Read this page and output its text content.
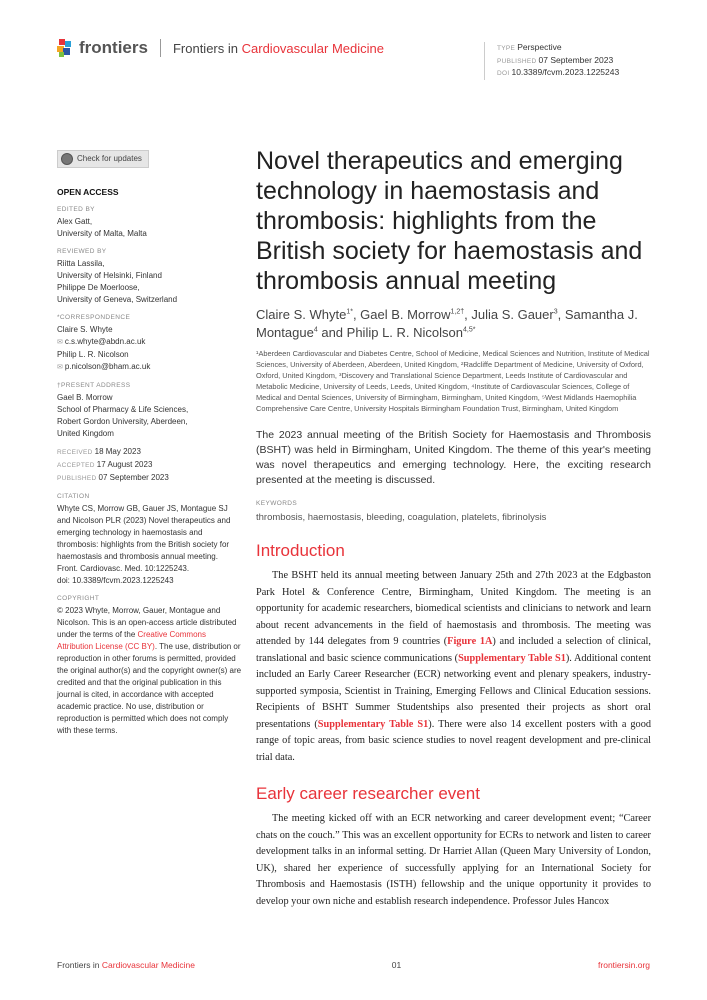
frontiers Frontiers in Cardiovascular Medicine	TYPE Perspective
PUBLISHED 07 September 2023
DOI 10.3389/fcvm.2023.1225243
Check for updates
OPEN ACCESS
EDITED BY
Alex Gatt,
University of Malta, Malta
REVIEWED BY
Riitta Lassila,
University of Helsinki, Finland
Philippe De Moerloose,
University of Geneva, Switzerland
*CORRESPONDENCE
Claire S. Whyte
✉ c.s.whyte@abdn.ac.uk
Philip L. R. Nicolson
✉ p.nicolson@bham.ac.uk
†PRESENT ADDRESS
Gael B. Morrow
School of Pharmacy & Life Sciences,
Robert Gordon University, Aberdeen,
United Kingdom
RECEIVED 18 May 2023
ACCEPTED 17 August 2023
PUBLISHED 07 September 2023
CITATION
Whyte CS, Morrow GB, Gauer JS, Montague SJ and Nicolson PLR (2023) Novel therapeutics and emerging technology in haemostasis and thrombosis: highlights from the British society for haemostasis and thrombosis annual meeting.
Front. Cardiovasc. Med. 10:1225243.
doi: 10.3389/fcvm.2023.1225243
COPYRIGHT
© 2023 Whyte, Morrow, Gauer, Montague and Nicolson. This is an open-access article distributed under the terms of the Creative Commons Attribution License (CC BY). The use, distribution or reproduction in other forums is permitted, provided the original author(s) and the copyright owner(s) are credited and that the original publication in this journal is cited, in accordance with accepted academic practice. No use, distribution or reproduction is permitted which does not comply with these terms.
Novel therapeutics and emerging technology in haemostasis and thrombosis: highlights from the British society for haemostasis and thrombosis annual meeting
Claire S. Whyte$^{1*}$, Gael B. Morrow$^{1,2\dagger}$, Julia S. Gauer$^3$, Samantha J. Montague$^4$ and Philip L. R. Nicolson$^{4,5*}$
¹Aberdeen Cardiovascular and Diabetes Centre, School of Medicine, Medical Sciences and Nutrition, Institute of Medical Sciences, University of Aberdeen, Aberdeen, United Kingdom, ²Radcliffe Department of Medicine, University of Oxford, Oxford, United Kingdom, ³Discovery and Translational Science Department, Leeds Institute of Cardiovascular and Metabolic Medicine, University of Leeds, Leeds, United Kingdom, ⁴Institute of Cardiovascular Sciences, College of Medical and Dental Sciences, University of Birmingham, Birmingham, United Kingdom, ⁵West Midlands Haemophilia Comprehensive Care Centre, University Hospitals Birmingham Foundation Trust, Birmingham, United Kingdom
The 2023 annual meeting of the British Society for Haemostasis and Thrombosis (BSHT) was held in Birmingham, United Kingdom. The theme of this year's meeting was novel therapeutics and emerging technology. Here, the exciting research presented at the meeting is discussed.
KEYWORDS
thrombosis, haemostasis, bleeding, coagulation, platelets, fibrinolysis
Introduction

The BSHT held its annual meeting between January 25th and 27th 2023 at the Edgbaston Park Hotel & Conference Centre, Birmingham, United Kingdom. The meeting is an opportunity for academic researchers, biomedical scientists and clinicians to network and learn about recent advancements in the field of haemostasis and thrombosis. The meeting was attended by 144 delegates from 9 countries (Figure 1A) and included a selection of clinical, translational and basic science communications (Supplementary Table S1). Additional content included an Early Career Researcher (ECR) networking event and plenary speakers, industry-supported symposia, Scientist in Training, Emerging Fellows and Clinical Education sessions. Recipients of BSHT Summer Studentships also presented their projects as short oral presentations (Supplementary Table S1). There were also 14 excellent posters with a good range of topic areas, from basic science studies to novel reagent development and pre-clinical trial data.

Early career researcher event

The meeting kicked off with an ECR networking and career development event; “Career chats on the couch.” This was an excellent opportunity for ECRs to network and listen to career development talks in an informal setting. Dr Harriet Allan (Queen Mary University of London, UK), shared her experience of successfully applying for an International Society for Thrombosis and Haemostasis (ISTH) fellowship and the unique opportunity it provides to develop your own niche and establish research independence. Professor Jules Hancox

Frontiers in Cardiovascular Medicine	01	frontiersin.org
